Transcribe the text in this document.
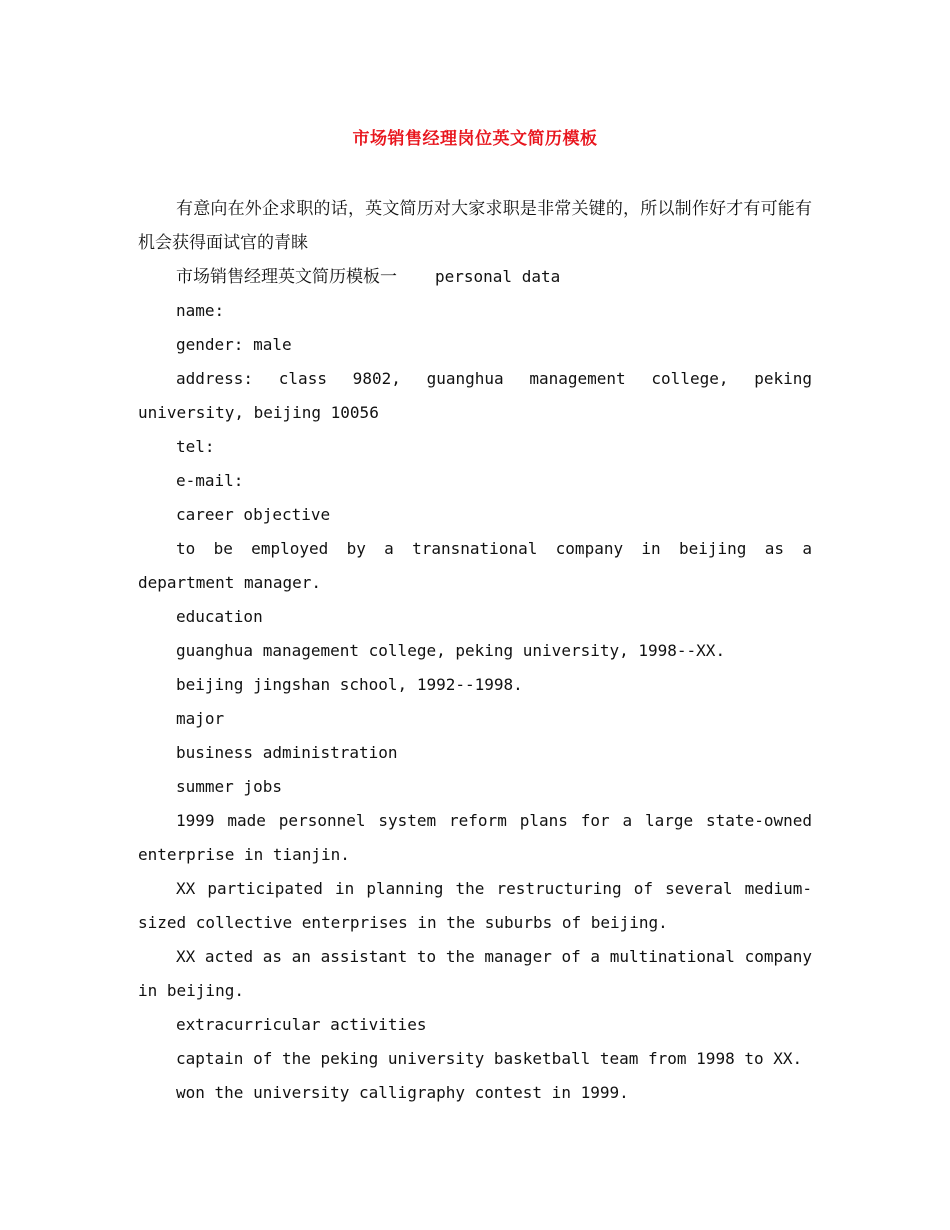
市场销售经理岗位英文简历模板

有意向在外企求职的话，英文简历对大家求职是非常关键的，所以制作好才有可能有机会获得面试官的青睐

市场销售经理英文简历模板一 personal data

name:

gender: male

address: class 9802, guanghua management college, peking university, beijing 10056

tel:

e-mail:

career objective

to be employed by a transnational company in beijing as a department manager.

education

guanghua management college, peking university, 1998--XX.

beijing jingshan school, 1992--1998.

major

business administration

summer jobs

1999 made personnel system reform plans for a large state-owned enterprise in tianjin.

XX participated in planning the restructuring of several medium-sized collective enterprises in the suburbs of beijing.

XX acted as an assistant to the manager of a multinational company in beijing.

extracurricular activities

captain of the peking university basketball team from 1998 to XX.

won the university calligraphy contest in 1999.
